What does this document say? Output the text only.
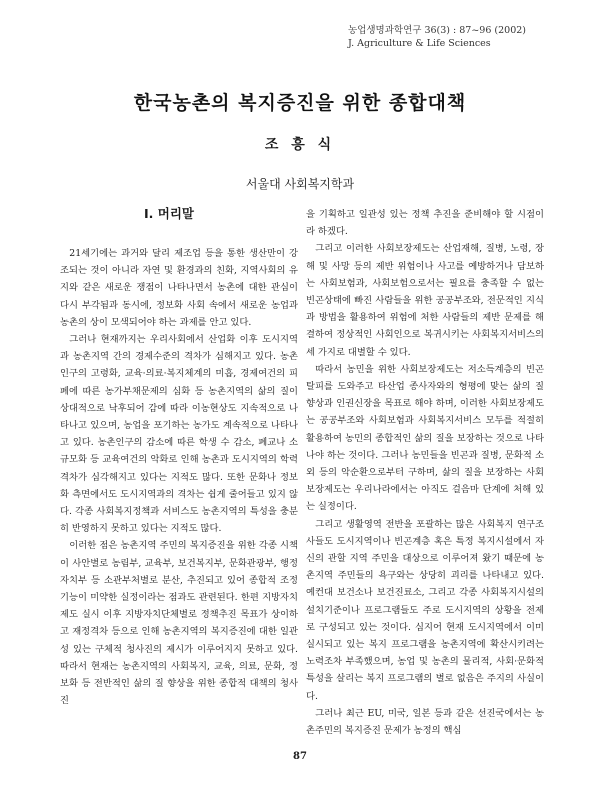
농업생명과학연구 36(3) : 87~96 (2002)
J. Agriculture & Life Sciences
한국농촌의 복지증진을 위한 종합대책
조 흥 식
서울대 사회복지학과
Ⅰ. 머리말

21세기에는 과거와 달리 제조업 등을 통한 생산만이 강조되는 것이 아니라 자연 및 환경과의 친화, 지역사회의 유지와 같은 새로운 쟁점이 나타나면서 농촌에 대한 관심이 다시 부각됨과 동시에, 정보화 사회 속에서 새로운 농업과 농촌의 상이 모색되어야 하는 과제를 안고 있다.

그러나 현재까지는 우리사회에서 산업화 이후 도시지역과 농촌지역 간의 경제수준의 격차가 심해지고 있다. 농촌인구의 고령화, 교육·의료·복지체계의 미흡, 경제여건의 피폐에 따른 농가부채문제의 심화 등 농촌지역의 삶의 질이 상대적으로 낙후되어 감에 따라 이농현상도 지속적으로 나타나고 있으며, 농업을 포기하는 농가도 계속적으로 나타나고 있다. 농촌인구의 감소에 따른 학생 수 감소, 폐교나 소규모화 등 교육여건의 악화로 인해 농촌과 도시지역의 학력격차가 심각해지고 있다는 지적도 많다. 또한 문화나 정보화 측면에서도 도시지역과의 격차는 쉽게 줄어들고 있지 않다. 각종 사회복지정책과 서비스도 농촌지역의 특성을 충분히 반영하지 못하고 있다는 지적도 많다.

이러한 점은 농촌지역 주민의 복지증진을 위한 각종 시책이 사안별로 농림부, 교육부, 보건복지부, 문화관광부, 행정자치부 등 소관부처별로 분산, 추진되고 있어 종합적 조정 기능이 미약한 실정이라는 점과도 관련된다. 한편 지방자치제도 실시 이후 지방자치단체별로 정책추진 목표가 상이하고 재정격차 등으로 인해 농촌지역의 복지증진에 대한 일관성 있는 구체적 청사진의 제시가 이루어지지 못하고 있다. 따라서 현재는 농촌지역의 사회복지, 교육, 의료, 문화, 정보화 등 전반적인 삶의 질 향상을 위한 종합적 대책의 청사진

을 기획하고 일관성 있는 정책 추진을 준비해야 할 시점이라 하겠다.

그리고 이러한 사회보장제도는 산업재해, 질병, 노령, 장해 및 사망 등의 제반 위험이나 사고를 예방하거나 담보하는 사회보험과, 사회보험으로서는 필요를 충족할 수 없는 빈곤상태에 빠진 사람들을 위한 공공부조와, 전문적인 지식과 방법을 활용하여 위험에 처한 사람들의 제반 문제를 해결하여 정상적인 사회인으로 복귀시키는 사회복지서비스의 세 가지로 대별할 수 있다.

따라서 농민을 위한 사회보장제도는 저소득계층의 빈곤탈피를 도와주고 타산업 종사자와의 형평에 맞는 삶의 질 향상과 인권신장을 목표로 해야 하며, 이러한 사회보장제도는 공공부조와 사회보험과 사회복지서비스 모두를 적절히 활용하여 농민의 종합적인 삶의 질을 보장하는 것으로 나타나야 하는 것이다. 그러나 농민들을 빈곤과 질병, 문화적 소외 등의 악순환으로부터 구하며, 삶의 질을 보장하는 사회보장제도는 우리나라에서는 아직도 걸음마 단계에 처해 있는 실정이다.

그리고 생활영역 전반을 포괄하는 많은 사회복지 연구조사들도 도시지역이나 빈곤계층 혹은 특정 복지시설에서 자신의 관할 지역 주민을 대상으로 이루어져 왔기 때문에 농촌지역 주민들의 욕구와는 상당히 괴리를 나타내고 있다. 예컨대 보건소나 보건진료소, 그리고 각종 사회복지시설의 설치기준이나 프로그램들도 주로 도시지역의 상황을 전제로 구성되고 있는 것이다. 심지어 현재 도시지역에서 이미 실시되고 있는 복지 프로그램을 농촌지역에 확산시키려는 노력조차 부족했으며, 농업 및 농촌의 물리적, 사회·문화적 특성을 살리는 복지 프로그램의 별로 없음은 주지의 사실이다.

그러나 최근 EU, 미국, 일본 등과 같은 선진국에서는 농촌주민의 복지증진 문제가 농정의 핵심

87
